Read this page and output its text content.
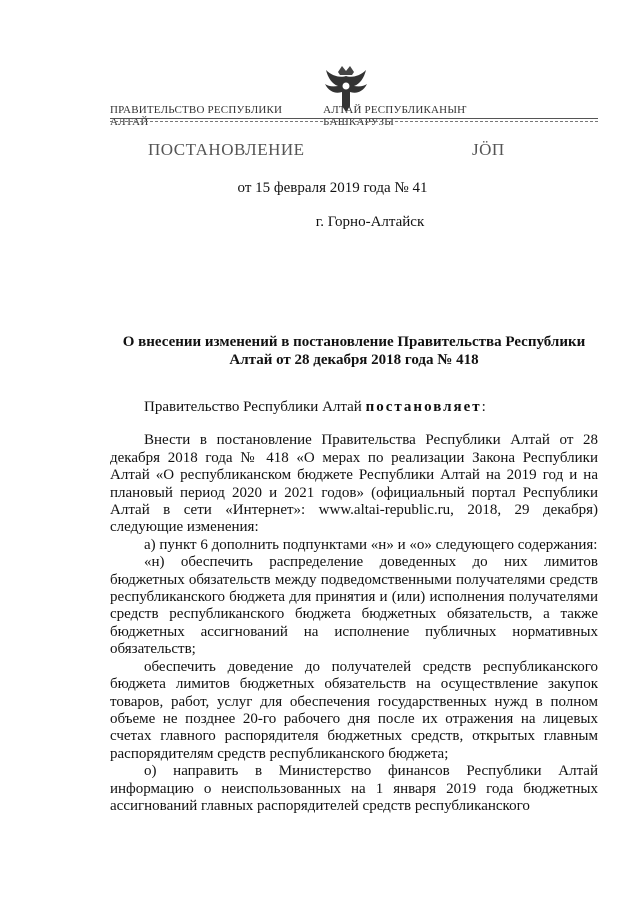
ПРАВИТЕЛЬСТВО РЕСПУБЛИКИ АЛТАЙ
АЛТАЙ РЕСПУБЛИКАНЫҤ БАШКАРУЗЫ
ПОСТАНОВЛЕНИЕ	ЈӦП
от 15 февраля 2019 года № 41
г. Горно-Алтайск
О внесении изменений в постановление Правительства Республики Алтай от 28 декабря 2018 года № 418

Правительство Республики Алтай постановляет:

Внести в постановление Правительства Республики Алтай от 28 декабря 2018 года № 418 «О мерах по реализации Закона Республики Алтай «О республиканском бюджете Республики Алтай на 2019 год и на плановый период 2020 и 2021 годов» (официальный портал Республики Алтай в сети «Интернет»: www.altai-republic.ru, 2018, 29 декабря) следующие изменения:

а) пункт 6 дополнить подпунктами «н» и «о» следующего содержания:

«н) обеспечить распределение доведенных до них лимитов бюджетных обязательств между подведомственными получателями средств республиканского бюджета для принятия и (или) исполнения получателями средств республиканского бюджета бюджетных обязательств, а также бюджетных ассигнований на исполнение публичных нормативных обязательств;

обеспечить доведение до получателей средств республиканского бюджета лимитов бюджетных обязательств на осуществление закупок товаров, работ, услуг для обеспечения государственных нужд в полном объеме не позднее 20-го рабочего дня после их отражения на лицевых счетах главного распорядителя бюджетных средств, открытых главным распорядителям средств республиканского бюджета;

о) направить в Министерство финансов Республики Алтай информацию о неиспользованных на 1 января 2019 года бюджетных ассигнований главных распорядителей средств республиканского
